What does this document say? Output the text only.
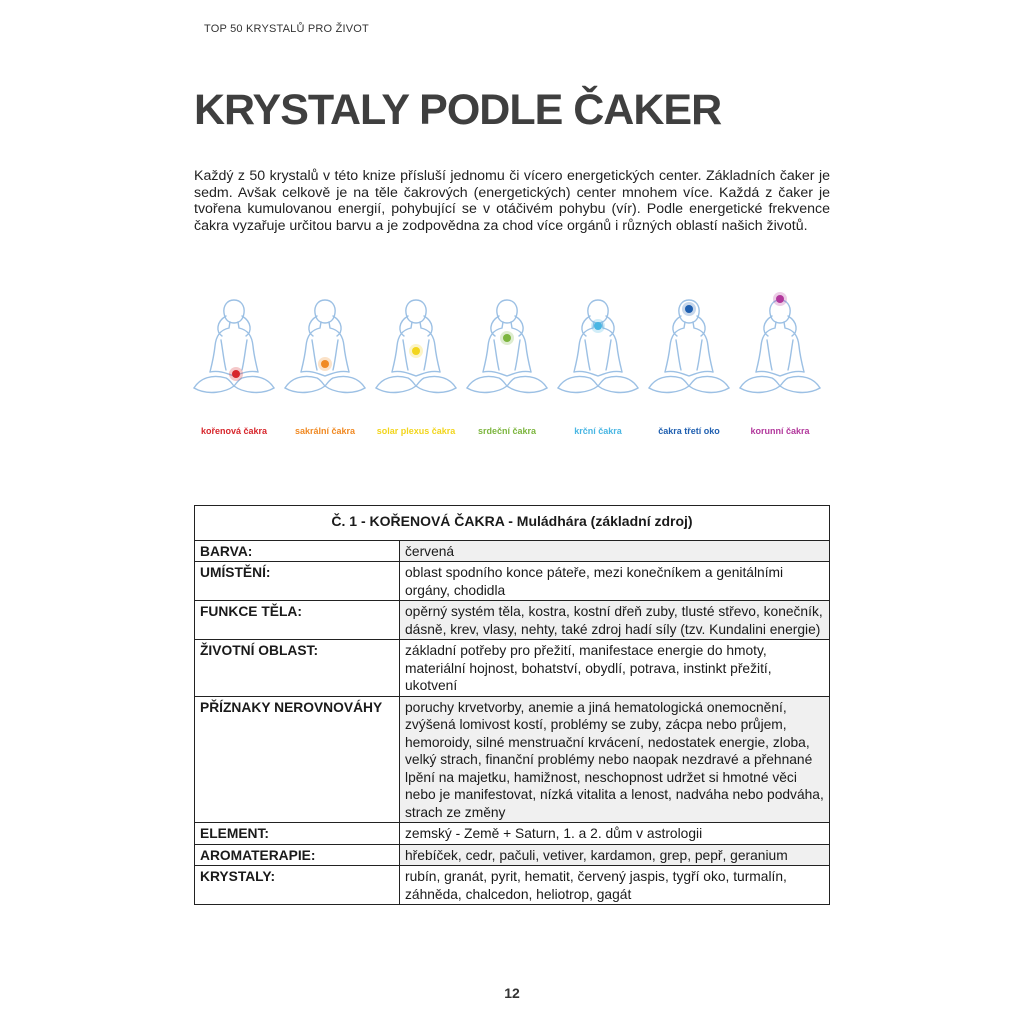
TOP 50 KRYSTALŮ PRO ŽIVOT
KRYSTALY PODLE ČAKER

Každý z 50 krystalů v této knize přísluší jednomu či vícero energetických center. Základních čaker je sedm. Avšak celkově je na těle čakrových (energetických) center mnohem více. Každá z čaker je tvořena kumulovanou energií, pohybující se v otáčivém pohybu (vír). Podle energetické frekvence čakra vyzařuje určitou barvu a je zodpovědna za chod více orgánů i různých oblastí našich životů.

kořenová čakra	sakrální čakra	solar plexus čakra	srdeční čakra	krční čakra	čakra třetí oko	korunní čakra
Č. 1 - KOŘENOVÁ ČAKRA - Muládhára (základní zdroj)	
BARVA:	červená
UMÍSTĚNÍ:	oblast spodního konce páteře, mezi konečníkem a genitálními orgány, chodidla
FUNKCE TĚLA:	opěrný systém těla, kostra, kostní dřeň zuby, tlusté střevo, konečník, dásně, krev, vlasy, nehty, také zdroj hadí síly (tzv. Kundalini energie)
ŽIVOTNÍ OBLAST:	základní potřeby pro přežití, manifestace energie do hmoty, materiální hojnost, bohatství, obydlí, potrava, instinkt přežití, ukotvení
PŘÍZNAKY NEROVNOVÁHY	poruchy krvetvorby, anemie a jiná hematologická onemocnění, zvýšená lomivost kostí, problémy se zuby, zácpa nebo průjem, hemoroidy, silné menstruační krvácení, nedostatek energie, zloba, velký strach, finanční problémy nebo naopak nezdravé a přehnané lpění na majetku, hamižnost, neschopnost udržet si hmotné věci nebo je manifestovat, nízká vitalita a lenost, nadváha nebo podváha, strach ze změny
ELEMENT:	zemský - Země + Saturn, 1. a 2. dům v astrologii
AROMATERAPIE:	hřebíček, cedr, pačuli, vetiver, kardamon, grep, pepř, geranium
KRYSTALY:	rubín, granát, pyrit, hematit, červený jaspis, tygří oko, turmalín, záhněda, chalcedon, heliotrop, gagát
12
